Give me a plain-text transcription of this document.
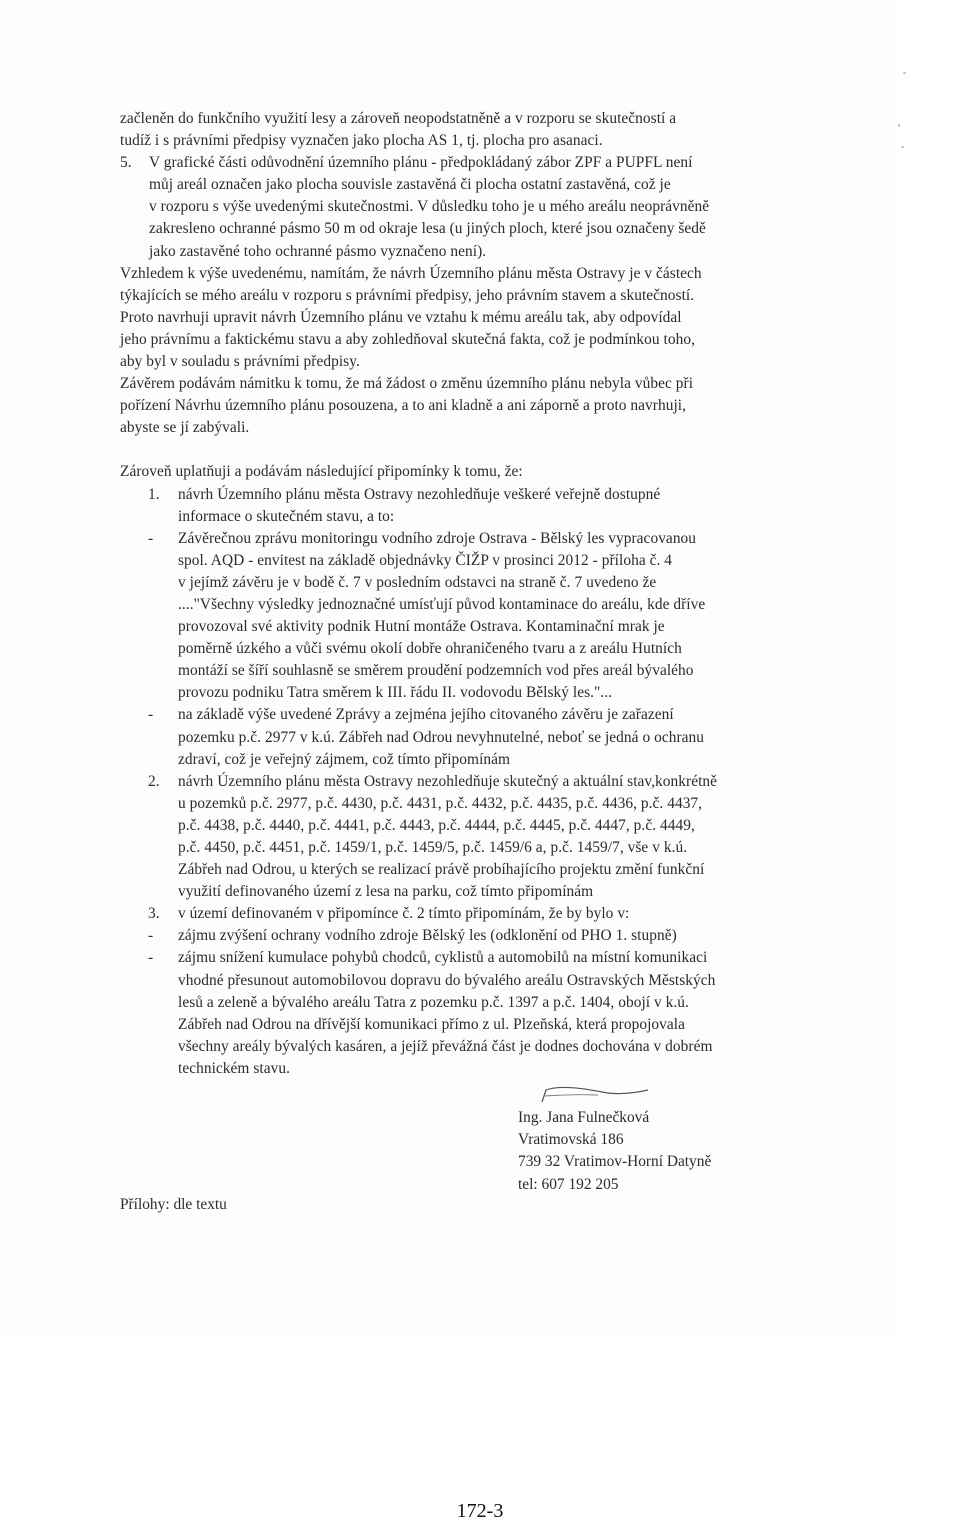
začleněn do funkčního využití lesy a zároveň neopodstatněně a v rozporu se skutečností a
tudíž i s právními předpisy vyznačen jako plocha AS 1, tj. plocha pro asanaci.

5. V grafické části odůvodnění územního plánu - předpokládaný zábor ZPF a PUPFL není
můj areál označen jako plocha souvisle zastavěná či plocha ostatní zastavěná, což je
v rozporu s výše uvedenými skutečnostmi. V důsledku toho je u mého areálu neoprávněně
zakresleno ochranné pásmo 50 m od okraje lesa (u jiných ploch, které jsou označeny šedě
jako zastavěné toho ochranné pásmo vyznačeno není).

Vzhledem k výše uvedenému, namítám, že návrh Územního plánu města Ostravy je v částech
týkajících se mého areálu v rozporu s právními předpisy, jeho právním stavem a skutečností.
Proto navrhuji upravit návrh Územního plánu ve vztahu k mému areálu tak, aby odpovídal
jeho právnímu a faktickému stavu a aby zohledňoval skutečná fakta, což je podmínkou toho,
aby byl v souladu s právními předpisy.
Závěrem podávám námitku k tomu, že má žádost o změnu územního plánu nebyla vůbec při
pořízení Návrhu územního plánu posouzena, a to ani kladně a ani záporně a proto navrhuji,
abyste se jí zabývali.

Zároveň uplatňuji a podávám následující připomínky k tomu, že:

1. návrh Územního plánu města Ostravy nezohledňuje veškeré veřejně dostupné
informace o skutečném stavu, a to:
- Závěrečnou zprávu monitoringu vodního zdroje Ostrava - Bělský les vypracovanou
spol. AQD - envitest na základě objednávky ČIŽP v prosinci 2012 - příloha č. 4
v jejímž závěru je v bodě č. 7 v posledním odstavci na straně č. 7 uvedeno že
...."Všechny výsledky jednoznačné umísťují původ kontaminace do areálu, kde dříve
provozoval své aktivity podnik Hutní montáže Ostrava. Kontaminační mrak je
poměrně úzkého a vůči svému okolí dobře ohraničeného tvaru a z areálu Hutních
montáží se šíří souhlasně se směrem proudění podzemních vod přes areál bývalého
provozu podniku Tatra směrem k III. řádu II. vodovodu Bělský les."...
- na základě výše uvedené Zprávy a zejména jejího citovaného závěru je zařazení
pozemku p.č. 2977 v k.ú. Zábřeh nad Odrou nevyhnutelné, neboť se jedná o ochranu
zdraví, což je veřejný zájmem, což tímto připomínám
2. návrh Územního plánu města Ostravy nezohledňuje skutečný a aktuální stav,konkrétně
u pozemků p.č. 2977, p.č. 4430, p.č. 4431, p.č. 4432, p.č. 4435, p.č. 4436, p.č. 4437,
p.č. 4438, p.č. 4440, p.č. 4441, p.č. 4443, p.č. 4444, p.č. 4445, p.č. 4447, p.č. 4449,
p.č. 4450, p.č. 4451, p.č. 1459/1, p.č. 1459/5, p.č. 1459/6 a, p.č. 1459/7, vše v k.ú.
Zábřeh nad Odrou, u kterých se realizací právě probíhajícího projektu změní funkční
využití definovaného území z lesa na parku, což tímto připomínám
3. v území definovaném v připomínce č. 2 tímto připomínám, že by bylo v:
- zájmu zvýšení ochrany vodního zdroje Bělský les (odklonění od PHO 1. stupně)
- zájmu snížení kumulace pohybů chodců, cyklistů a automobilů na místní komunikaci
vhodné přesunout automobilovou dopravu do bývalého areálu Ostravských Městských
lesů a zeleně a bývalého areálu Tatra z pozemku p.č. 1397 a p.č. 1404, obojí v k.ú.
Zábřeh nad Odrou na dřívější komunikaci přímo z ul. Plzeňská, která propojovala
všechny areály bývalých kasáren, a jejíž převážná část je dodnes dochována v dobrém
technickém stavu.
Ing. Jana Fulnečková
Vratimovská 186
739 32 Vratimov-Horní Datyně
tel: 607 192 205
Přílohy: dle textu
172-3
